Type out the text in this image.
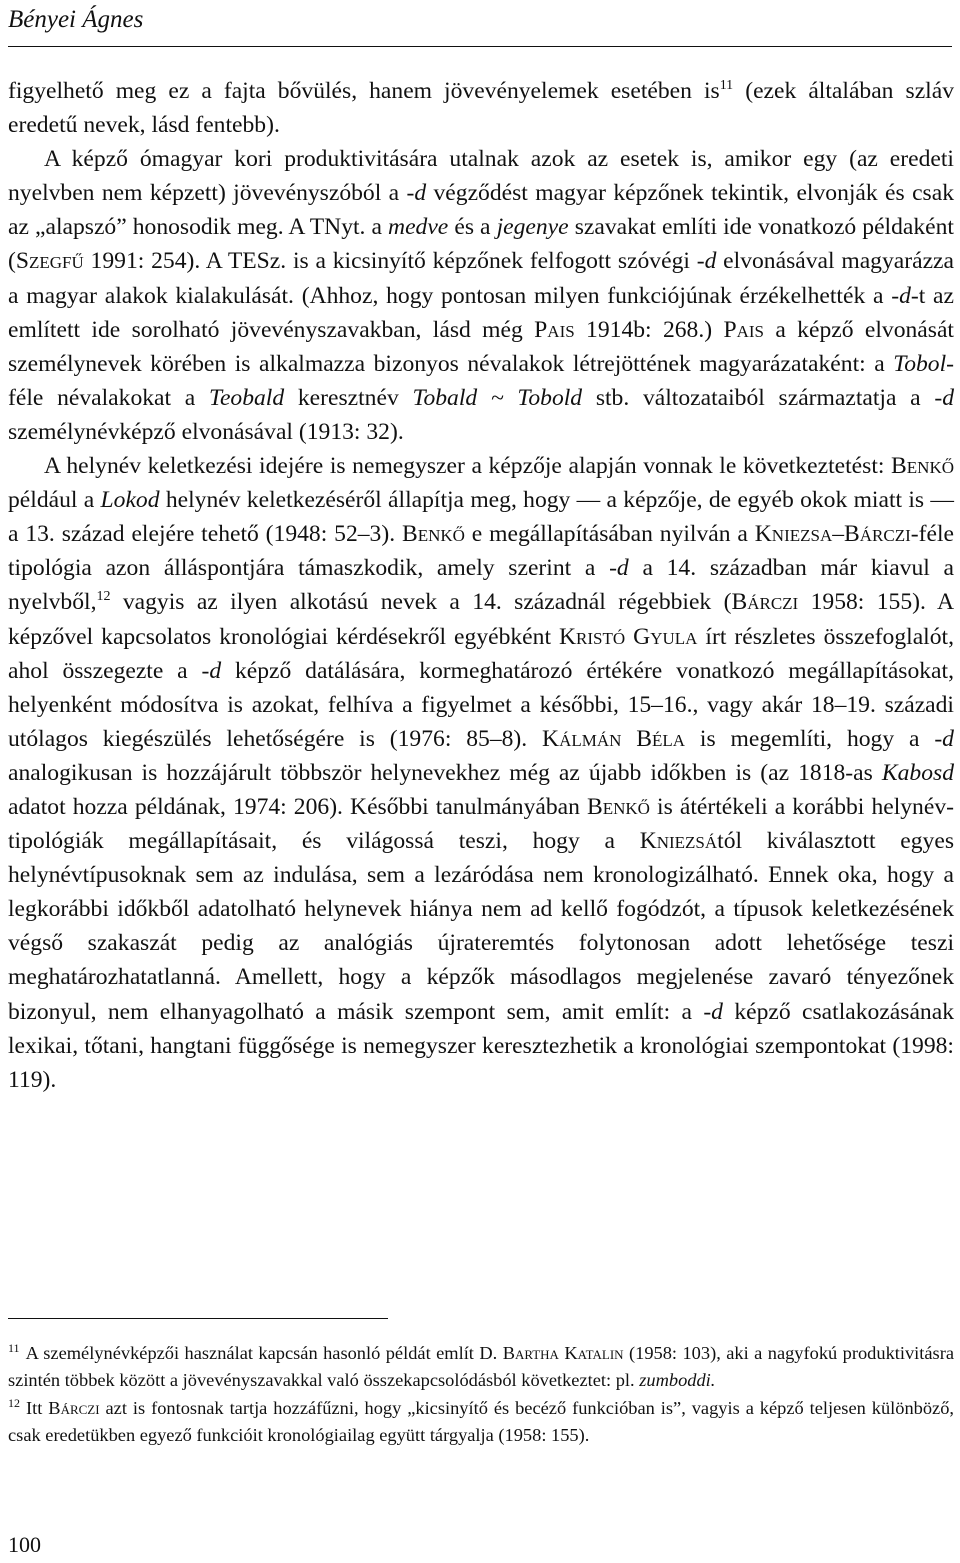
Bényei Ágnes

figyelhető meg ez a fajta bővülés, hanem jövevényelemek esetében is$^{11}$ (ezek általában szláv eredetű nevek, lásd fentebb).

A képző ómagyar kori produktivitására utalnak azok az esetek is, amikor egy (az eredeti nyelvben nem képzett) jövevényszóból a -d végződést magyar képzőnek tekintik, elvonják és csak az „alapszó” honosodik meg. A TNyt. a medve és a jegenye szavakat említi ide vonatkozó példaként (Szegfű 1991: 254). A TESz. is a kicsinyítő képzőnek felfogott szóvégi -d elvonásával magyarázza a magyar alakok kialakulását. (Ahhoz, hogy pontosan milyen funkciójúnak érzékelhették a -d-t az említett ide sorolható jövevényszavakban, lásd még Pais 1914b: 268.) Pais a képző elvonását személynevek körében is alkalmazza bizonyos névalakok létrejöttének magyarázataként: a Tobol-féle névalakokat a Teobald keresztnév Tobald ~ Tobold stb. változataiból származtatja a -d személynévképző elvonásával (1913: 32).

A helynév keletkezési idejére is nemegyszer a képzője alapján vonnak le következtetést: Benkő például a Lokod helynév keletkezéséről állapítja meg, hogy — a képzője, de egyéb okok miatt is — a 13. század elejére tehető (1948: 52–3). Benkő e megállapításában nyilván a Kniezsa–Bárczi-féle tipológia azon álláspontjára támaszkodik, amely szerint a -d a 14. században már kiavul a nyelvből,$^{12}$ vagyis az ilyen alkotású nevek a 14. századnál régebbiek (Bárczi 1958: 155). A képzővel kapcsolatos kronológiai kérdésekről egyébként Kristó Gyula írt részletes összefoglalót, ahol összegezte a -d képző datálására, kormeghatározó értékére vonatkozó megállapításokat, helyenként módosítva is azokat, felhíva a figyelmet a későbbi, 15–16., vagy akár 18–19. századi utólagos kiegészülés lehetőségére is (1976: 85–8). Kálmán Béla is megemlíti, hogy a -d analogikusan is hozzájárult többször helynevekhez még az újabb időkben is (az 1818-as Kabosd adatot hozza példának, 1974: 206). Későbbi tanulmányában Benkő is átértékeli a korábbi helynév-tipológiák megállapításait, és világossá teszi, hogy a Kniezsától kiválasztott egyes helynévtípusoknak sem az indulása, sem a lezáródása nem kronologizálható. Ennek oka, hogy a legkorábbi időkből adatolható helynevek hiánya nem ad kellő fogódzót, a típusok keletkezésének végső szakaszát pedig az analógiás újrateremtés folytonosan adott lehetősége teszi meghatározhatatlanná. Amellett, hogy a képzők másodlagos megjelenése zavaró tényezőnek bizonyul, nem elhanyagolható a másik szempont sem, amit említ: a -d képző csatlakozásának lexikai, tőtani, hangtani függősége is nemegyszer keresztezhetik a kronológiai szempontokat (1998: 119).

$^{11}$ A személynévképzői használat kapcsán hasonló példát említ D. Bartha Katalin (1958: 103), aki a nagyfokú produktivitásra szintén többek között a jövevényszavakkal való összekapcsolódásból következtet: pl. zumboddi.

$^{12}$ Itt Bárczi azt is fontosnak tartja hozzáfűzni, hogy „kicsinyítő és becéző funkcióban is”, vagyis a képző teljesen különböző, csak eredetükben egyező funkcióit kronológiailag együtt tárgyalja (1958: 155).

100
